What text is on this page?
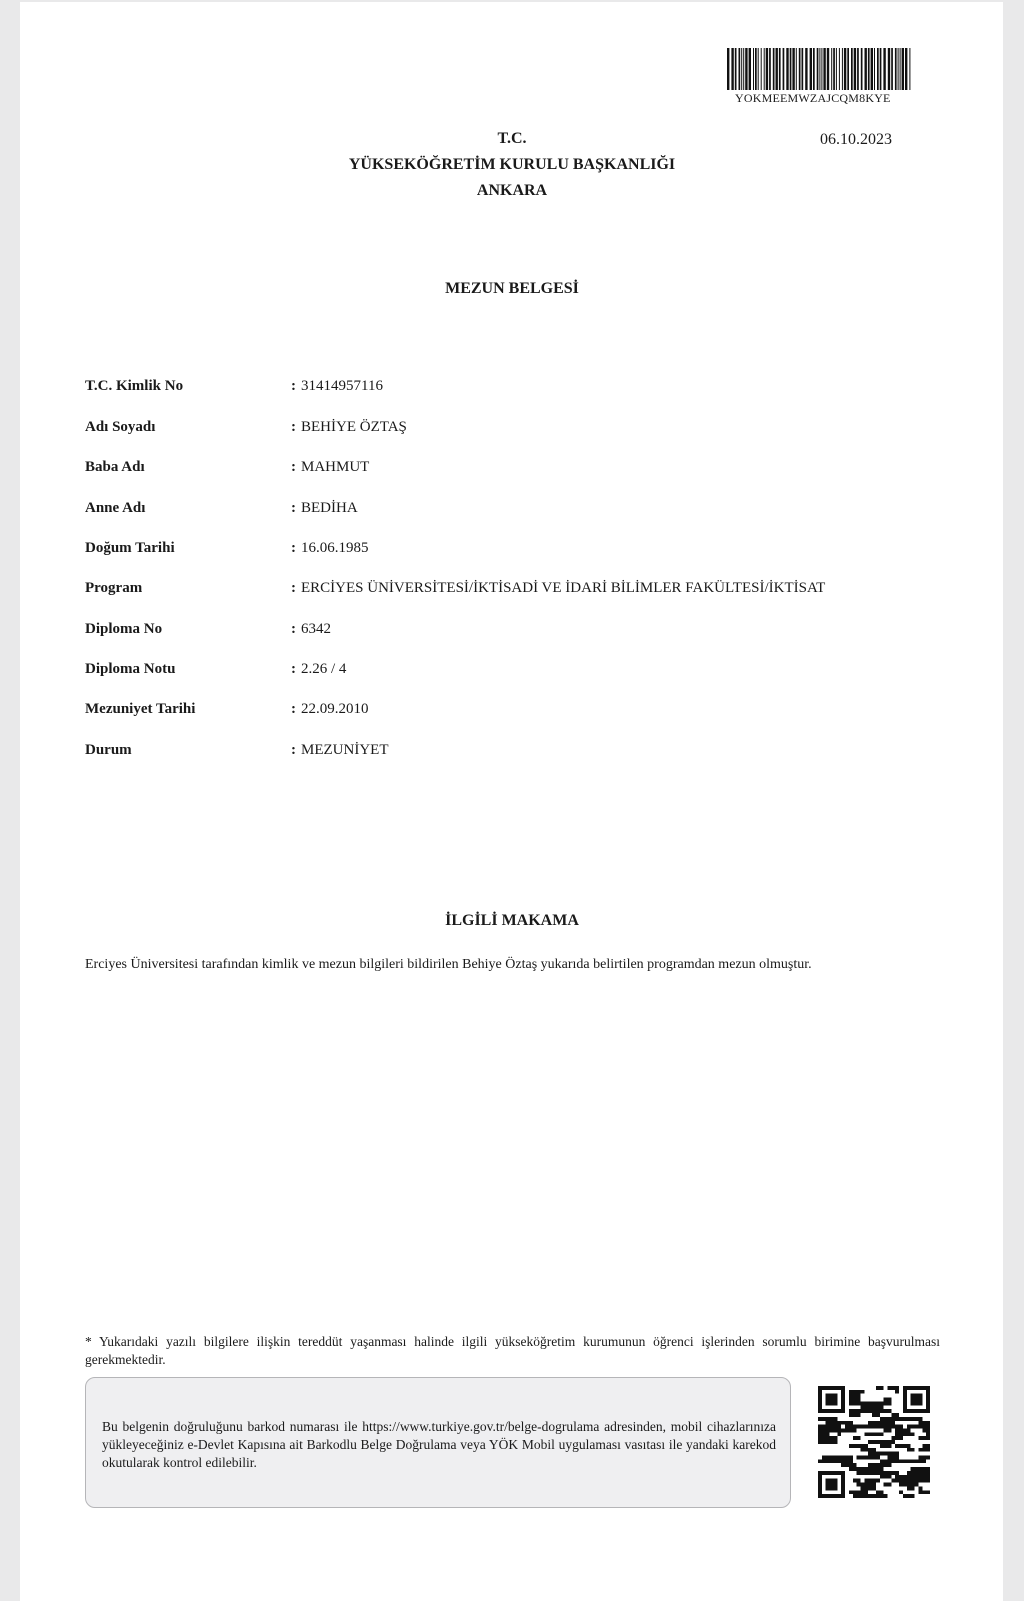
YOKMEEMWZAJCQM8KYE
06.10.2023
T.C.
YÜKSEKÖĞRETİM KURULU BAŞKANLIĞI
ANKARA
MEZUN BELGESİ
T.C. Kimlik No	: 31414957116
Adı Soyadı	: BEHİYE ÖZTAŞ
Baba Adı	: MAHMUT
Anne Adı	: BEDİHA
Doğum Tarihi	: 16.06.1985
Program	: ERCİYES ÜNİVERSİTESİ/İKTİSADİ VE İDARİ BİLİMLER FAKÜLTESİ/İKTİSAT
Diploma No	: 6342
Diploma Notu	: 2.26 / 4
Mezuniyet Tarihi	: 22.09.2010
Durum	: MEZUNİYET
İLGİLİ MAKAMA
Erciyes Üniversitesi tarafından kimlik ve mezun bilgileri bildirilen Behiye Öztaş yukarıda belirtilen programdan mezun olmuştur.
* Yukarıdaki yazılı bilgilere ilişkin tereddüt yaşanması halinde ilgili yükseköğretim kurumunun öğrenci işlerinden sorumlu birimine başvurulması gerekmektedir.
Bu belgenin doğruluğunu barkod numarası ile https://www.turkiye.gov.tr/belge-dogrulama adresinden, mobil cihazlarınıza yükleyeceğiniz e-Devlet Kapısına ait Barkodlu Belge Doğrulama veya YÖK Mobil uygulaması vasıtası ile yandaki karekod okutularak kontrol edilebilir.
